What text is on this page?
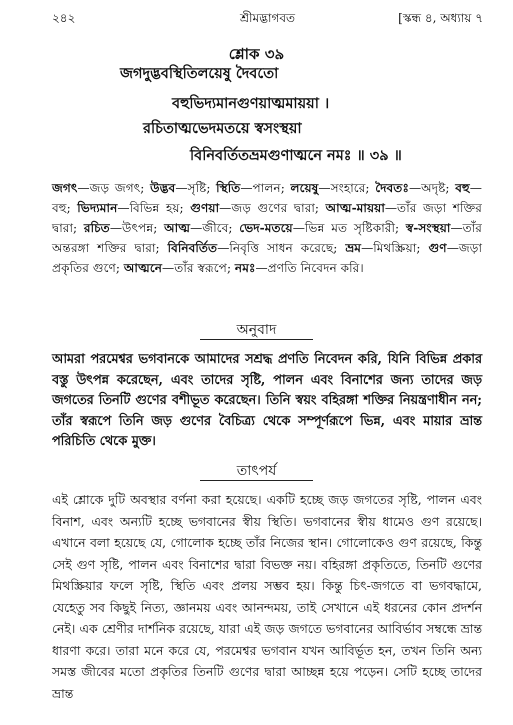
২৪২	শ্রীমদ্ভাগবত	[স্কন্ধ ৪, অধ্যায় ৭
শ্লোক ৩৯
জগদুদ্ভবস্থিতিলয়েষু দৈবতো
বহুভিদ্যমানগুণয়াত্মমায়য়া ।
রচিতাত্মভেদমতয়ে স্বসংস্থয়া
বিনিবর্তিতভ্রমগুণাত্মনে নমঃ ॥ ৩৯ ॥
জগৎ—জড় জগৎ; উদ্ভব—সৃষ্টি; স্থিতি—পালন; লয়েষু—সংহারে; দৈবতঃ—অদৃষ্ট; বহু—বহু; ভিদ্যমান—বিভিন্ন হয়; গুণয়া—জড় গুণের দ্বারা; আত্ম-মায়য়া—তাঁর জড়া শক্তির দ্বারা; রচিত—উৎপন্ন; আত্ম—জীবে; ভেদ-মতয়ে—ভিন্ন মত সৃষ্টিকারী; স্ব-সংস্থয়া—তাঁর অন্তরঙ্গা শক্তির দ্বারা; বিনিবর্তিত—নিবৃত্তি সাধন করেছে; ভ্রম—মিথস্ক্রিয়া; গুণ—জড়া প্রকৃতির গুণে; আত্মনে—তাঁর স্বরূপে; নমঃ—প্রণতি নিবেদন করি।
অনুবাদ
আমরা পরমেশ্বর ভগবানকে আমাদের সশ্রদ্ধ প্রণতি নিবেদন করি, যিনি বিভিন্ন প্রকার বস্তু উৎপন্ন করেছেন, এবং তাদের সৃষ্টি, পালন এবং বিনাশের জন্য তাদের জড় জগতের তিনটি গুণের বশীভূত করেছেন। তিনি স্বয়ং বহিরঙ্গা শক্তির নিয়ন্ত্রণাধীন নন; তাঁর স্বরূপে তিনি জড় গুণের বৈচিত্র্য থেকে সম্পূর্ণরূপে ভিন্ন, এবং মায়ার ভ্রান্ত পরিচিতি থেকে মুক্ত।
তাৎপর্য
এই শ্লোকে দুটি অবস্থার বর্ণনা করা হয়েছে। একটি হচ্ছে জড় জগতের সৃষ্টি, পালন এবং বিনাশ, এবং অন্যটি হচ্ছে ভগবানের স্বীয় স্থিতি। ভগবানের স্বীয় ধামেও গুণ রয়েছে। এখানে বলা হয়েছে যে, গোলোক হচ্ছে তাঁর নিজের স্থান। গোলোকেও গুণ রয়েছে, কিন্তু সেই গুণ সৃষ্টি, পালন এবং বিনাশের দ্বারা বিভক্ত নয়। বহিরঙ্গা প্রকৃতিতে, তিনটি গুণের মিথস্ক্রিয়ার ফলে সৃষ্টি, স্থিতি এবং প্রলয় সম্ভব হয়। কিন্তু চিৎ-জগতে বা ভগবদ্ধামে, যেহেতু সব কিছুই নিত্য, জ্ঞানময় এবং আনন্দময়, তাই সেখানে এই ধরনের কোন প্রদর্শন নেই। এক শ্রেণীর দার্শনিক রয়েছে, যারা এই জড় জগতে ভগবানের আবির্ভাব সম্বন্ধে ভ্রান্ত ধারণা করে। তারা মনে করে যে, পরমেশ্বর ভগবান যখন আবির্ভূত হন, তখন তিনি অন্য সমস্ত জীবের মতো প্রকৃতির তিনটি গুণের দ্বারা আচ্ছন্ন হয়ে পড়েন। সেটি হচ্ছে তাদের ভ্রান্ত
